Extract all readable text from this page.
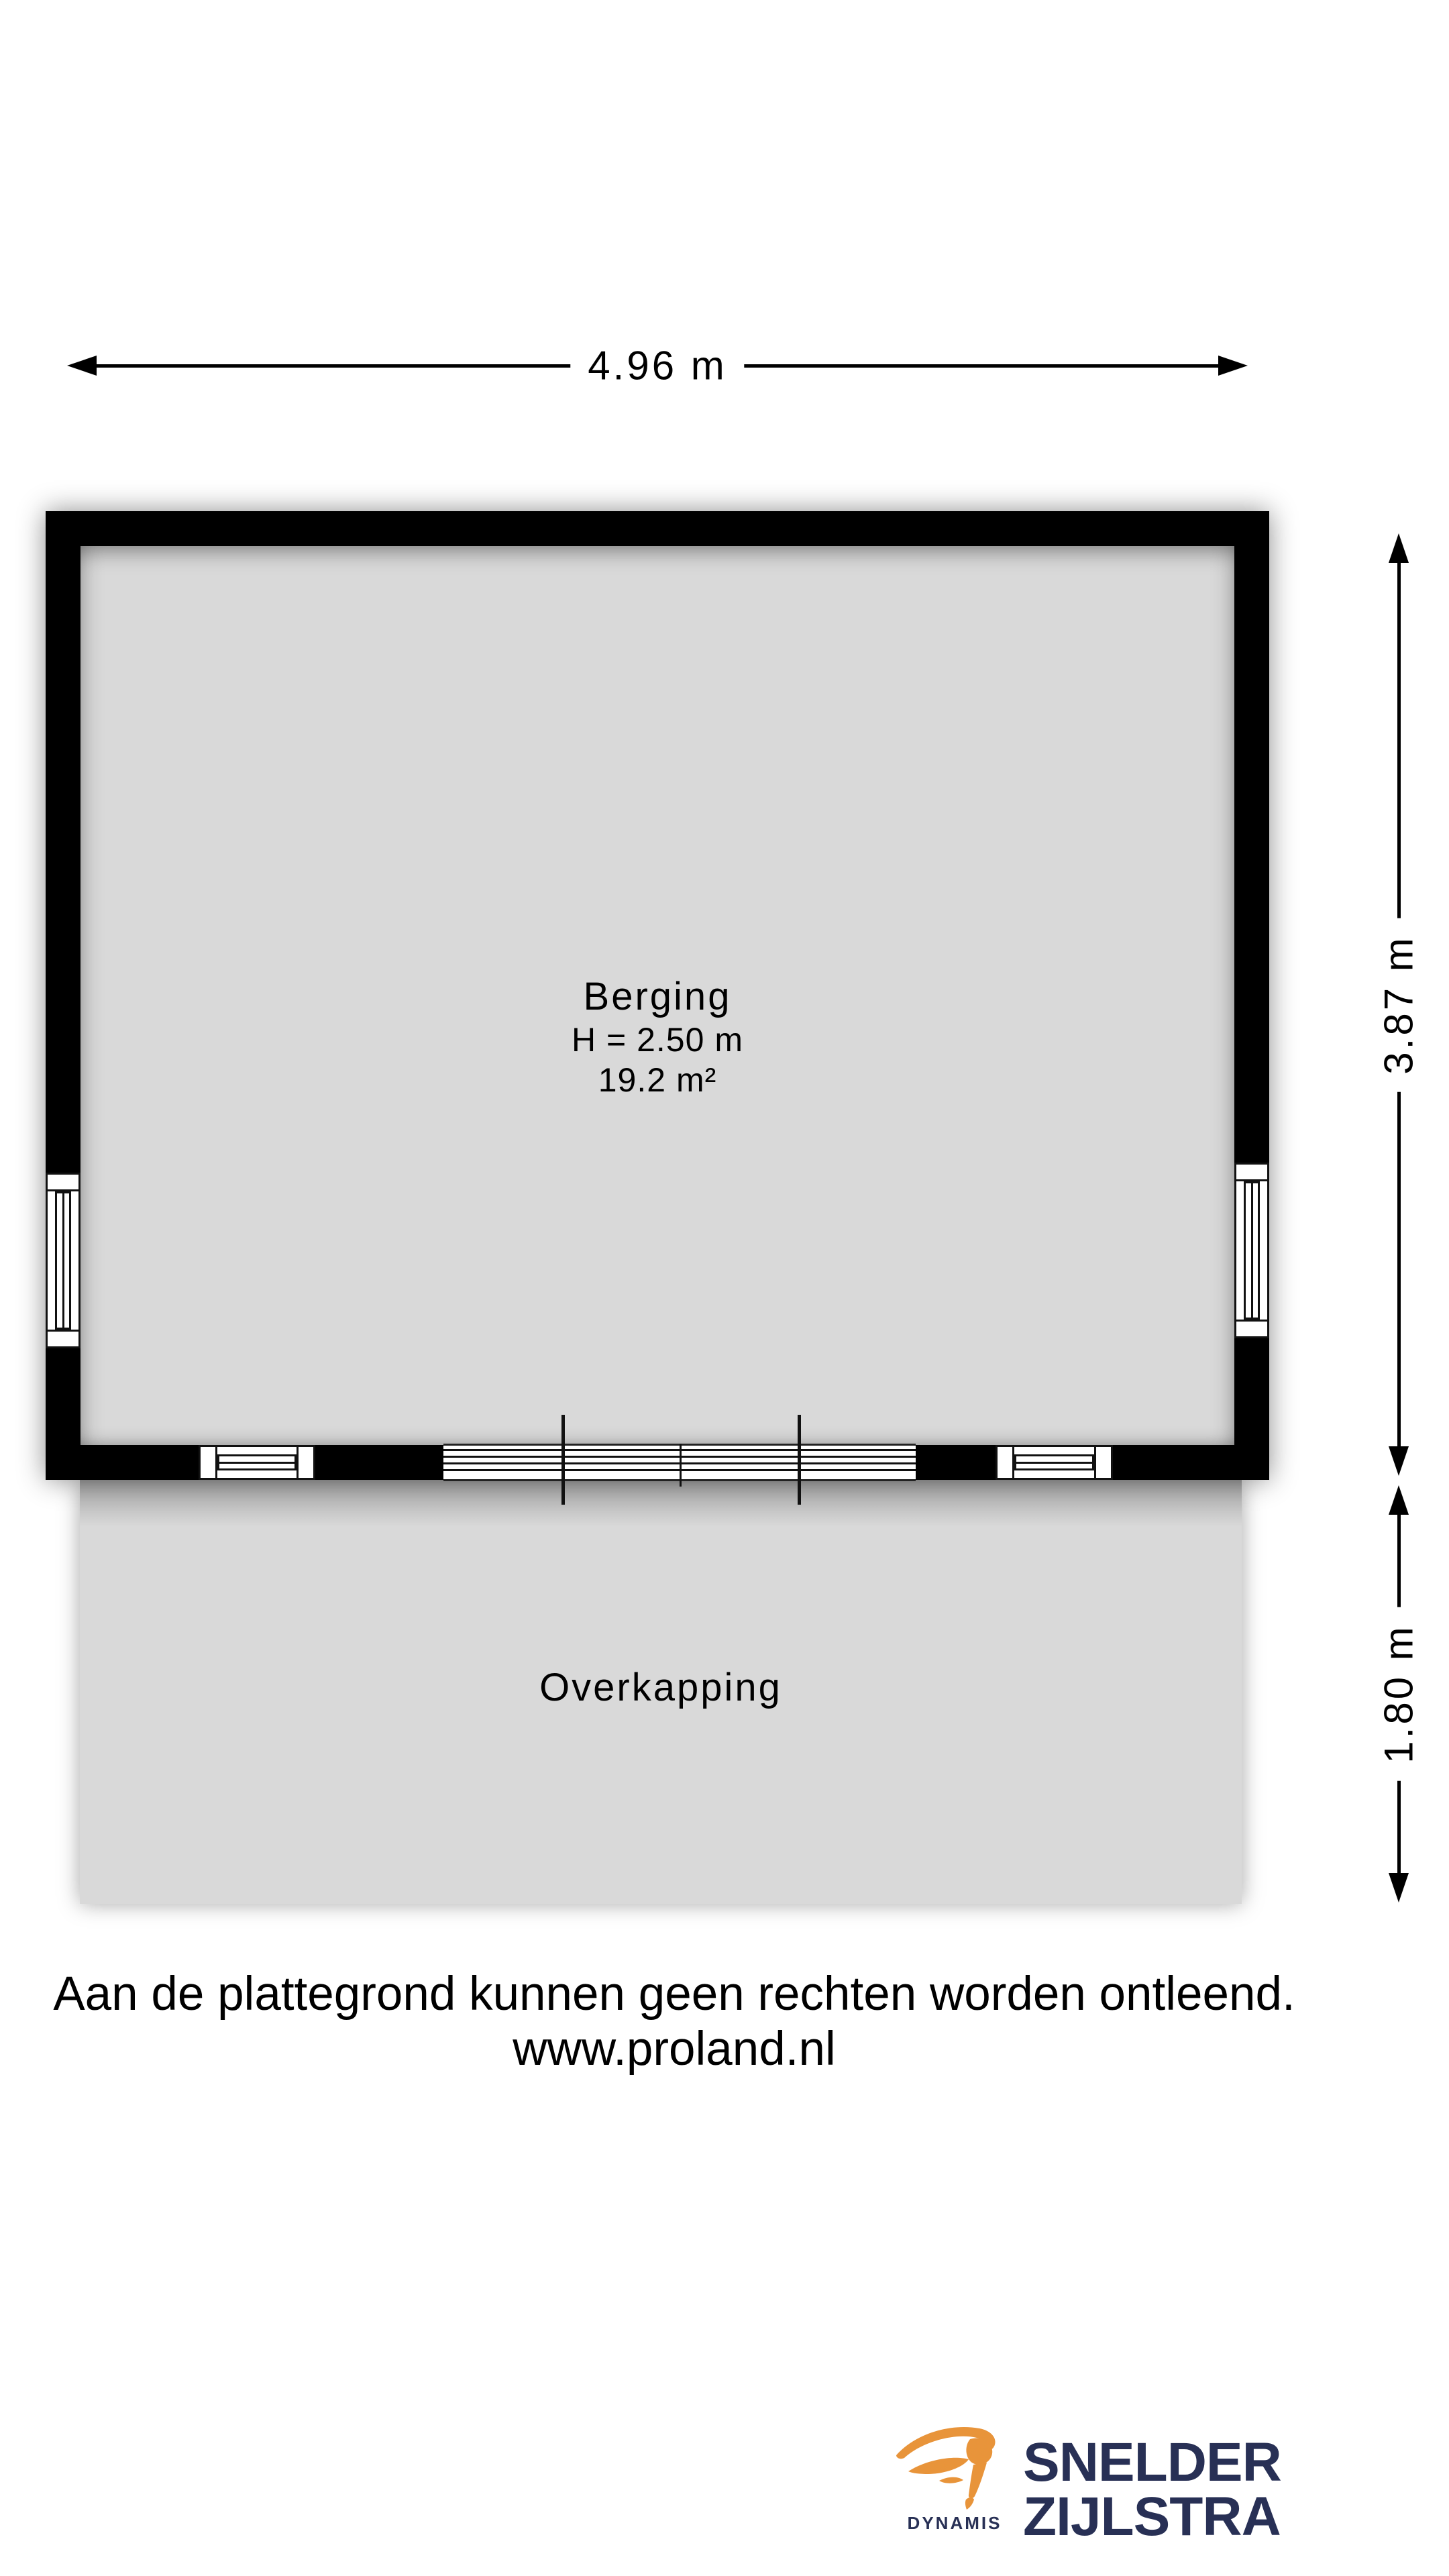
4.96 m
Overkapping
Berging
H = 2.50 m
19.2 m²
3.87 m
1.80 m
Aan de plattegrond kunnen geen rechten worden ontleend.
www.proland.nl
DYNAMIS
SNELDER
ZIJLSTRA
